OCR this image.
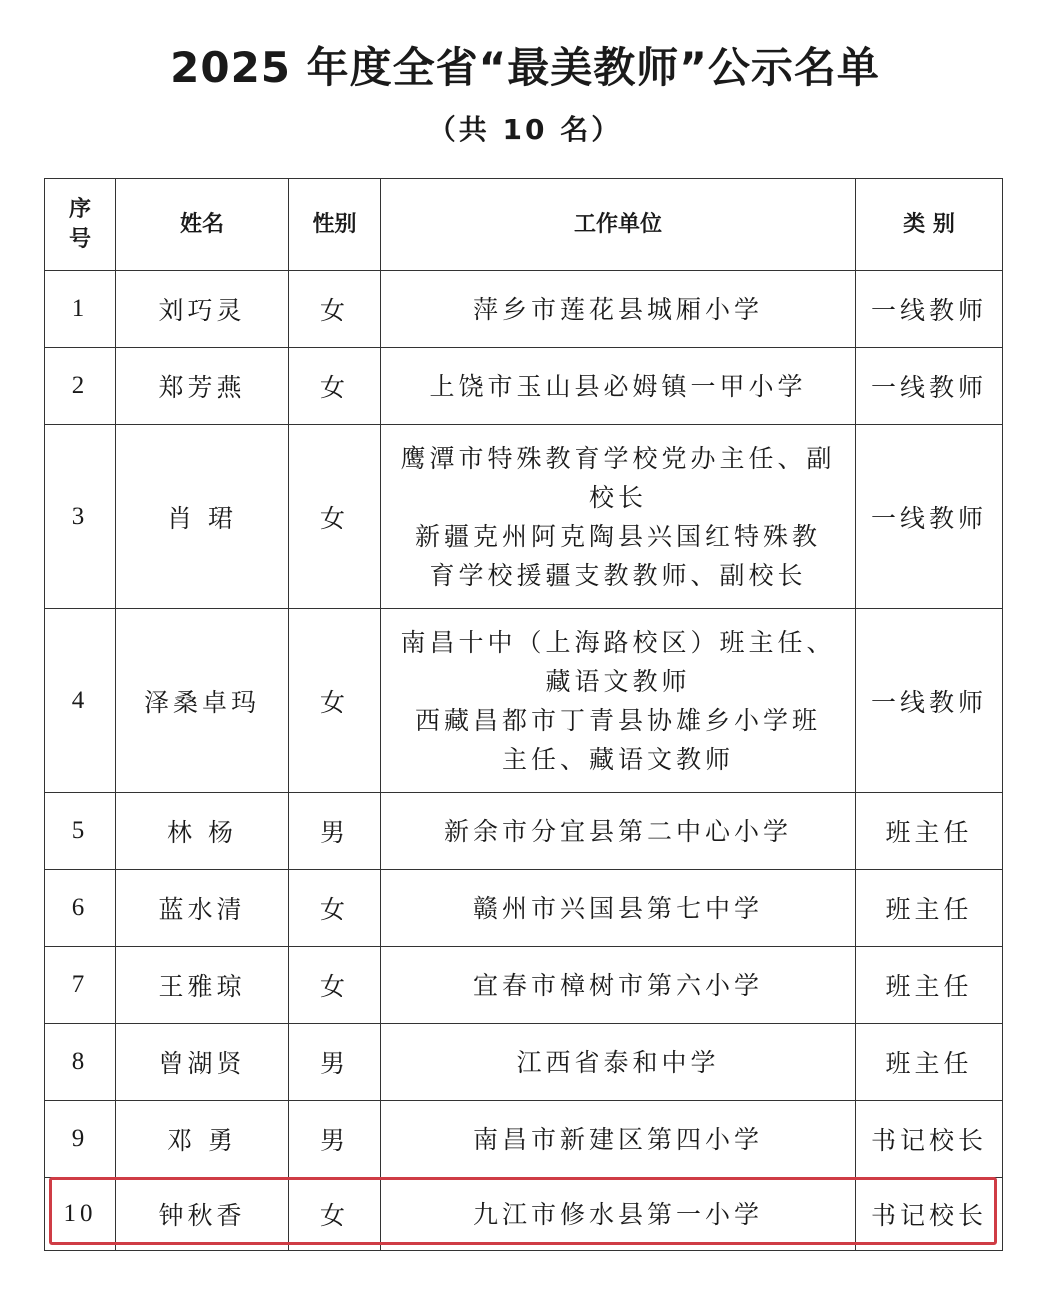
2025 年度全省“最美教师”公示名单
（共 10 名）
序
号	姓名	性别	工作单位	类 别
1	刘巧灵	女	萍乡市莲花县城厢小学	一线教师
2	郑芳燕	女	上饶市玉山县必姆镇一甲小学	一线教师
3	肖 珺	女	鹰潭市特殊教育学校党办主任、副
校长
新疆克州阿克陶县兴国红特殊教
育学校援疆支教教师、副校长	一线教师
4	泽桑卓玛	女	南昌十中（上海路校区）班主任、
藏语文教师
西藏昌都市丁青县协雄乡小学班
主任、藏语文教师	一线教师
5	林 杨	男	新余市分宜县第二中心小学	班主任
6	蓝水清	女	赣州市兴国县第七中学	班主任
7	王雅琼	女	宜春市樟树市第六小学	班主任
8	曾湖贤	男	江西省泰和中学	班主任
9	邓 勇	男	南昌市新建区第四小学	书记校长
10	钟秋香	女	九江市修水县第一小学	书记校长
